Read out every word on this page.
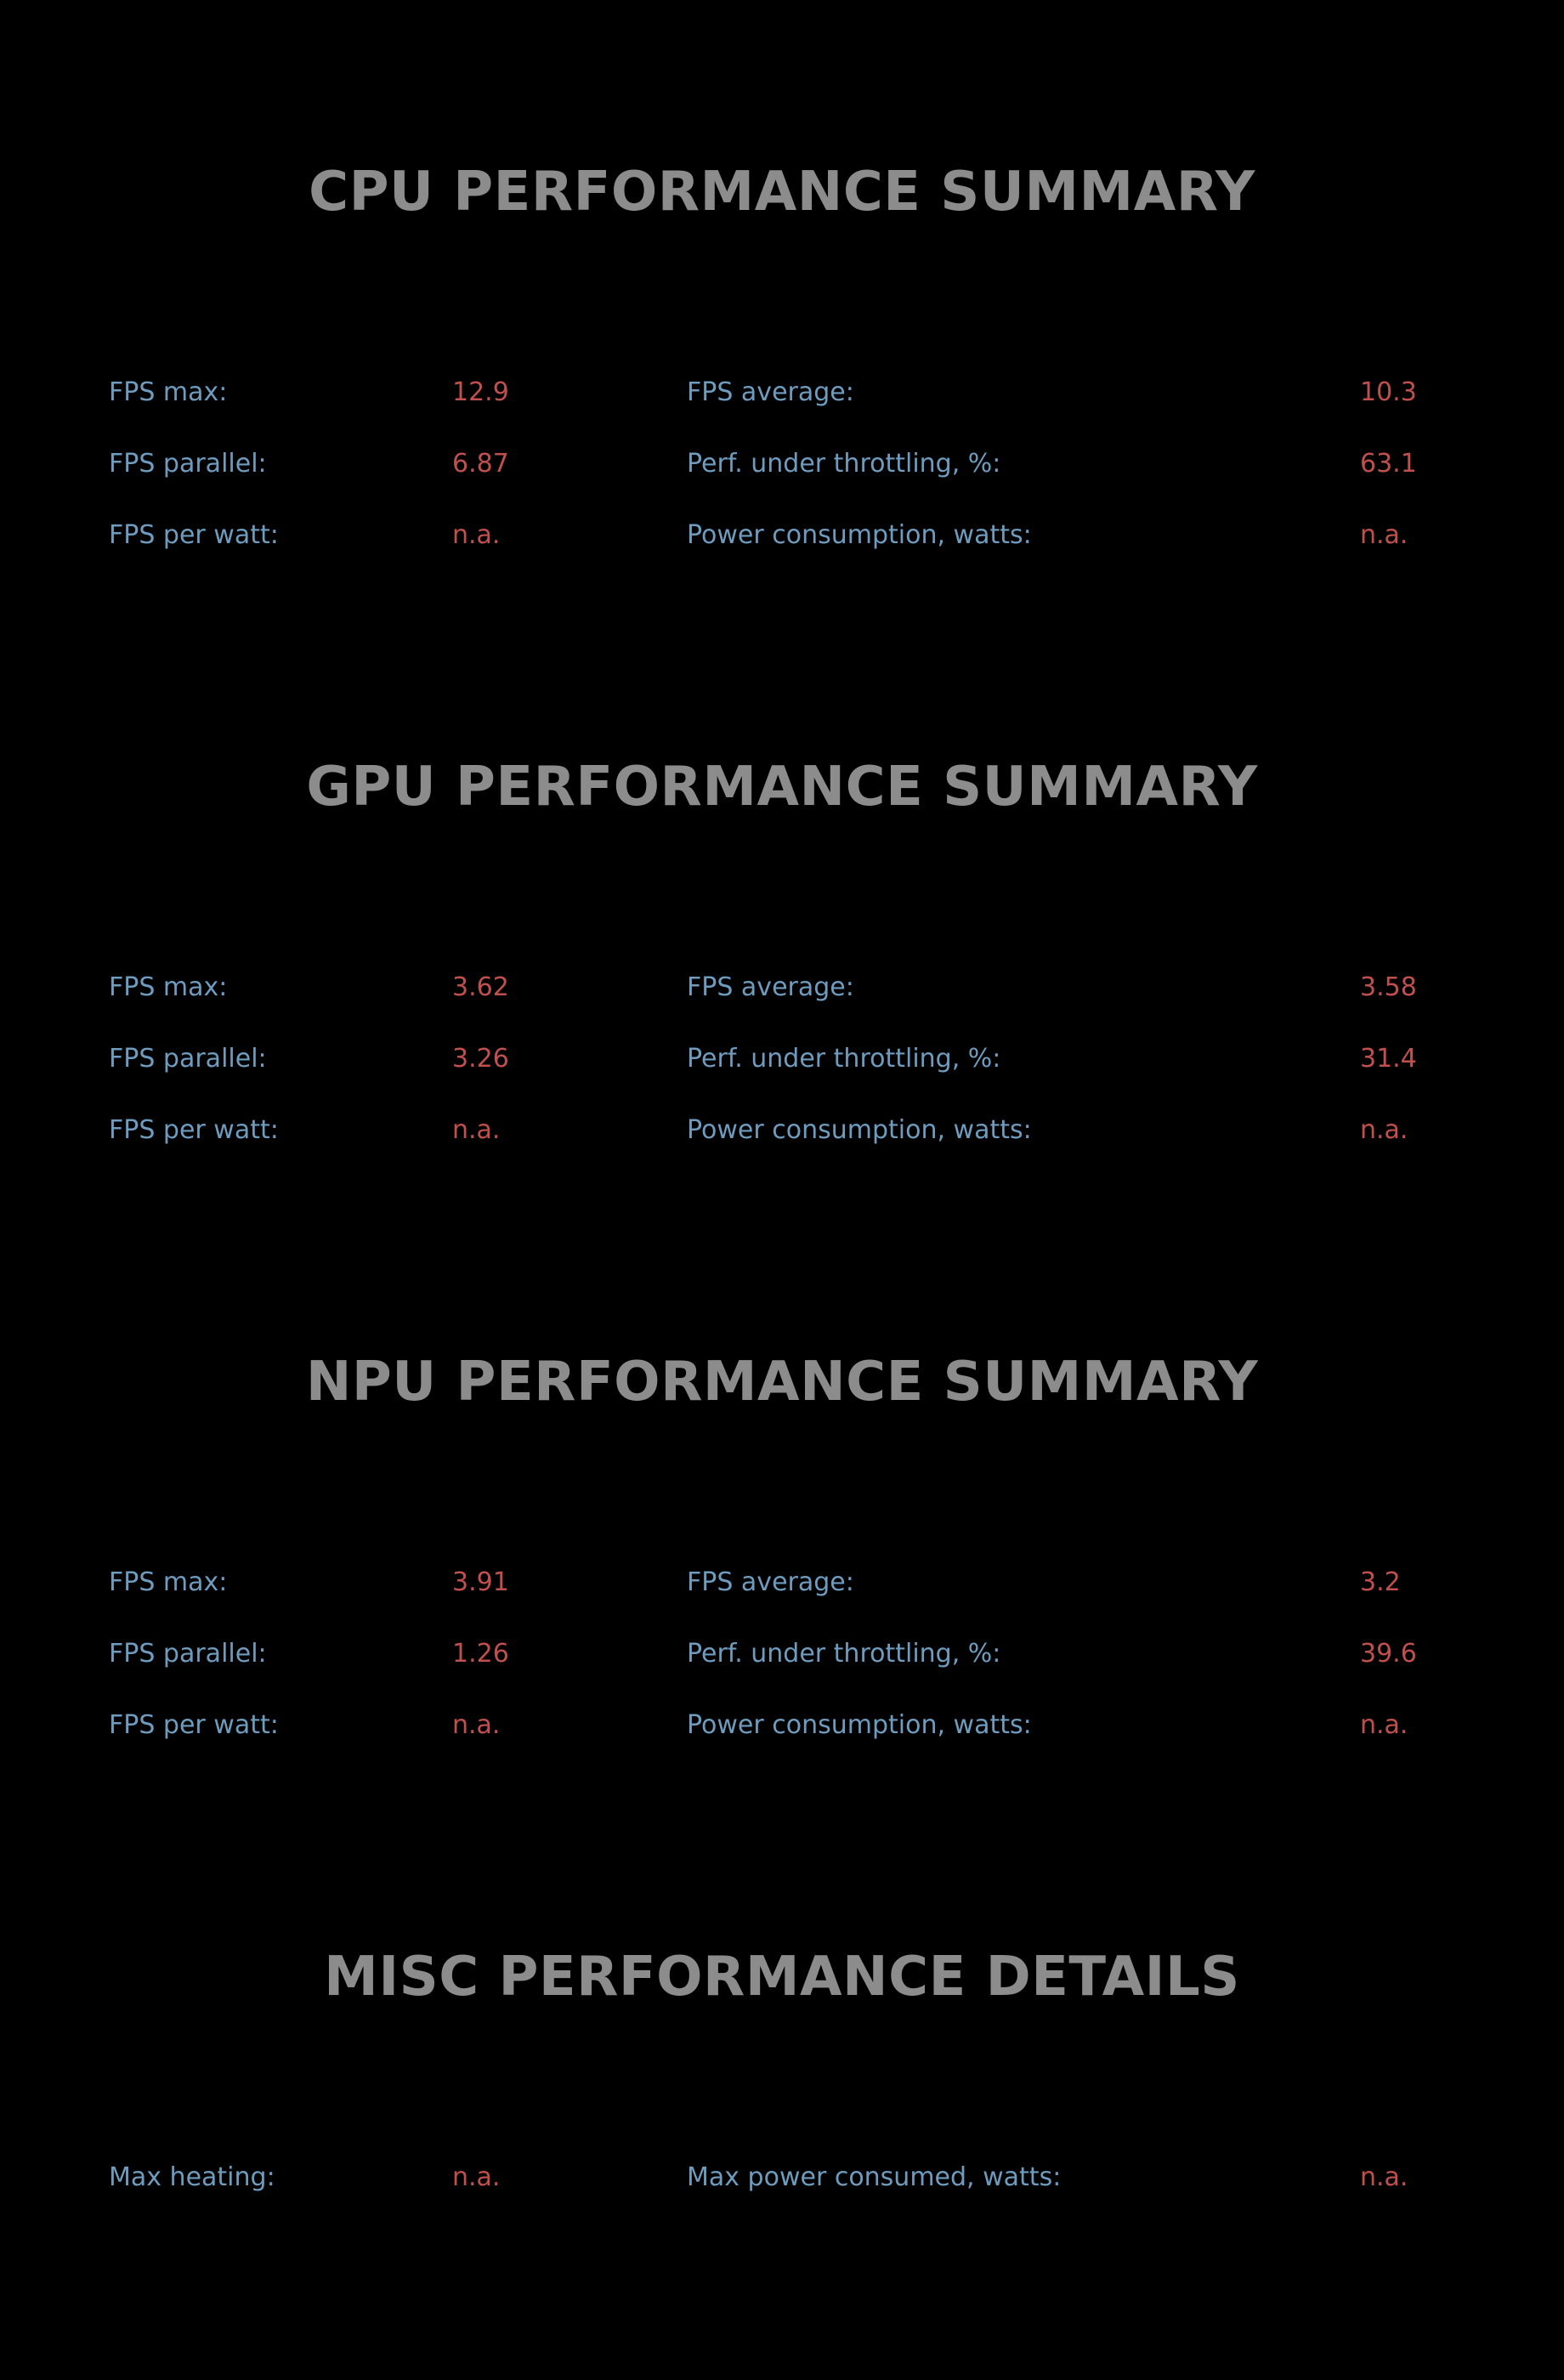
CPU PERFORMANCE SUMMARY
FPS max:	12.9	FPS average:	10.3
FPS parallel:	6.87	Perf. under throttling, %:	63.1
FPS per watt:	n.a.	Power consumption, watts:	n.a.
GPU PERFORMANCE SUMMARY
FPS max:	3.62	FPS average:	3.58
FPS parallel:	3.26	Perf. under throttling, %:	31.4
FPS per watt:	n.a.	Power consumption, watts:	n.a.
NPU PERFORMANCE SUMMARY
FPS max:	3.91	FPS average:	3.2
FPS parallel:	1.26	Perf. under throttling, %:	39.6
FPS per watt:	n.a.	Power consumption, watts:	n.a.
MISC PERFORMANCE DETAILS
Max heating:	n.a.	Max power consumed, watts:	n.a.
